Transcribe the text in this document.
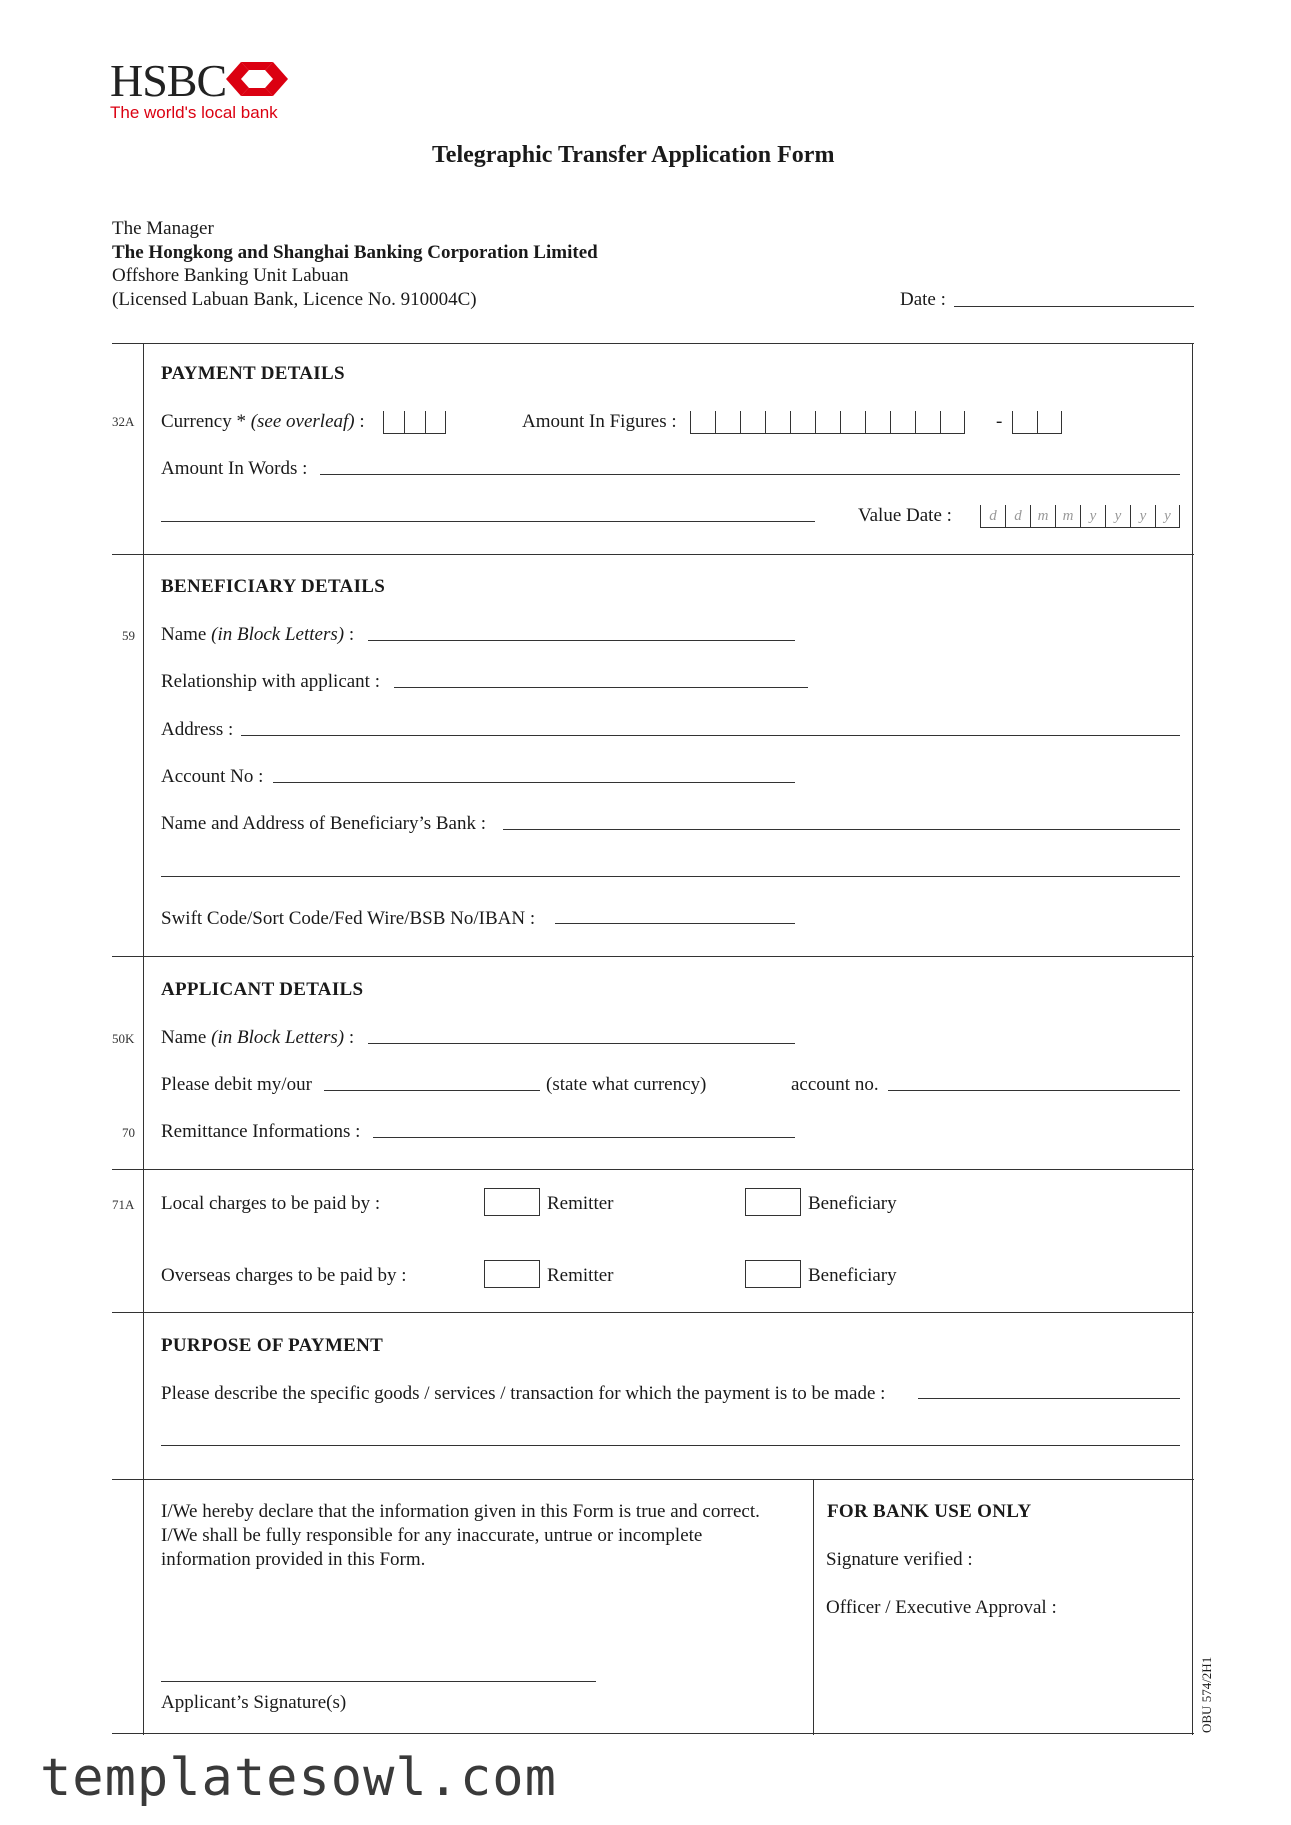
HSBC
The world's local bank
Telegraphic Transfer Application Form
The Manager
The Hongkong and Shanghai Banking Corporation Limited
Offshore Banking Unit Labuan
(Licensed Labuan Bank, Licence No. 910004C)	Date :
PAYMENT DETAILS
32A Currency * (see overleaf) :	Amount In Figures :	-
Amount In Words :
Value Date :	d	d	m m	y	y	y	y
BENEFICIARY DETAILS
59 Name (in Block Letters) :
Relationship with applicant :
Address :
Account No :
Name and Address of Beneficiary’s Bank :
Swift Code/Sort Code/Fed Wire/BSB No/IBAN :
APPLICANT DETAILS
50K Name (in Block Letters) :
Please debit my/our	(state what currency)	account no.
70 Remittance Informations :
71A Local charges to be paid by :	Remitter	Beneficiary
Overseas charges to be paid by :	Remitter	Beneficiary
PURPOSE OF PAYMENT
Please describe the specific goods / services / transaction for which the payment is to be made :
I/We hereby declare that the information given in this Form is true and correct.
I/We shall be fully responsible for any inaccurate, untrue or incomplete
information provided in this Form.
Applicant’s Signature(s)
FOR BANK USE ONLY
Signature verified :
Officer / Executive Approval :
OBU 574/2H1
templatesowl.com
